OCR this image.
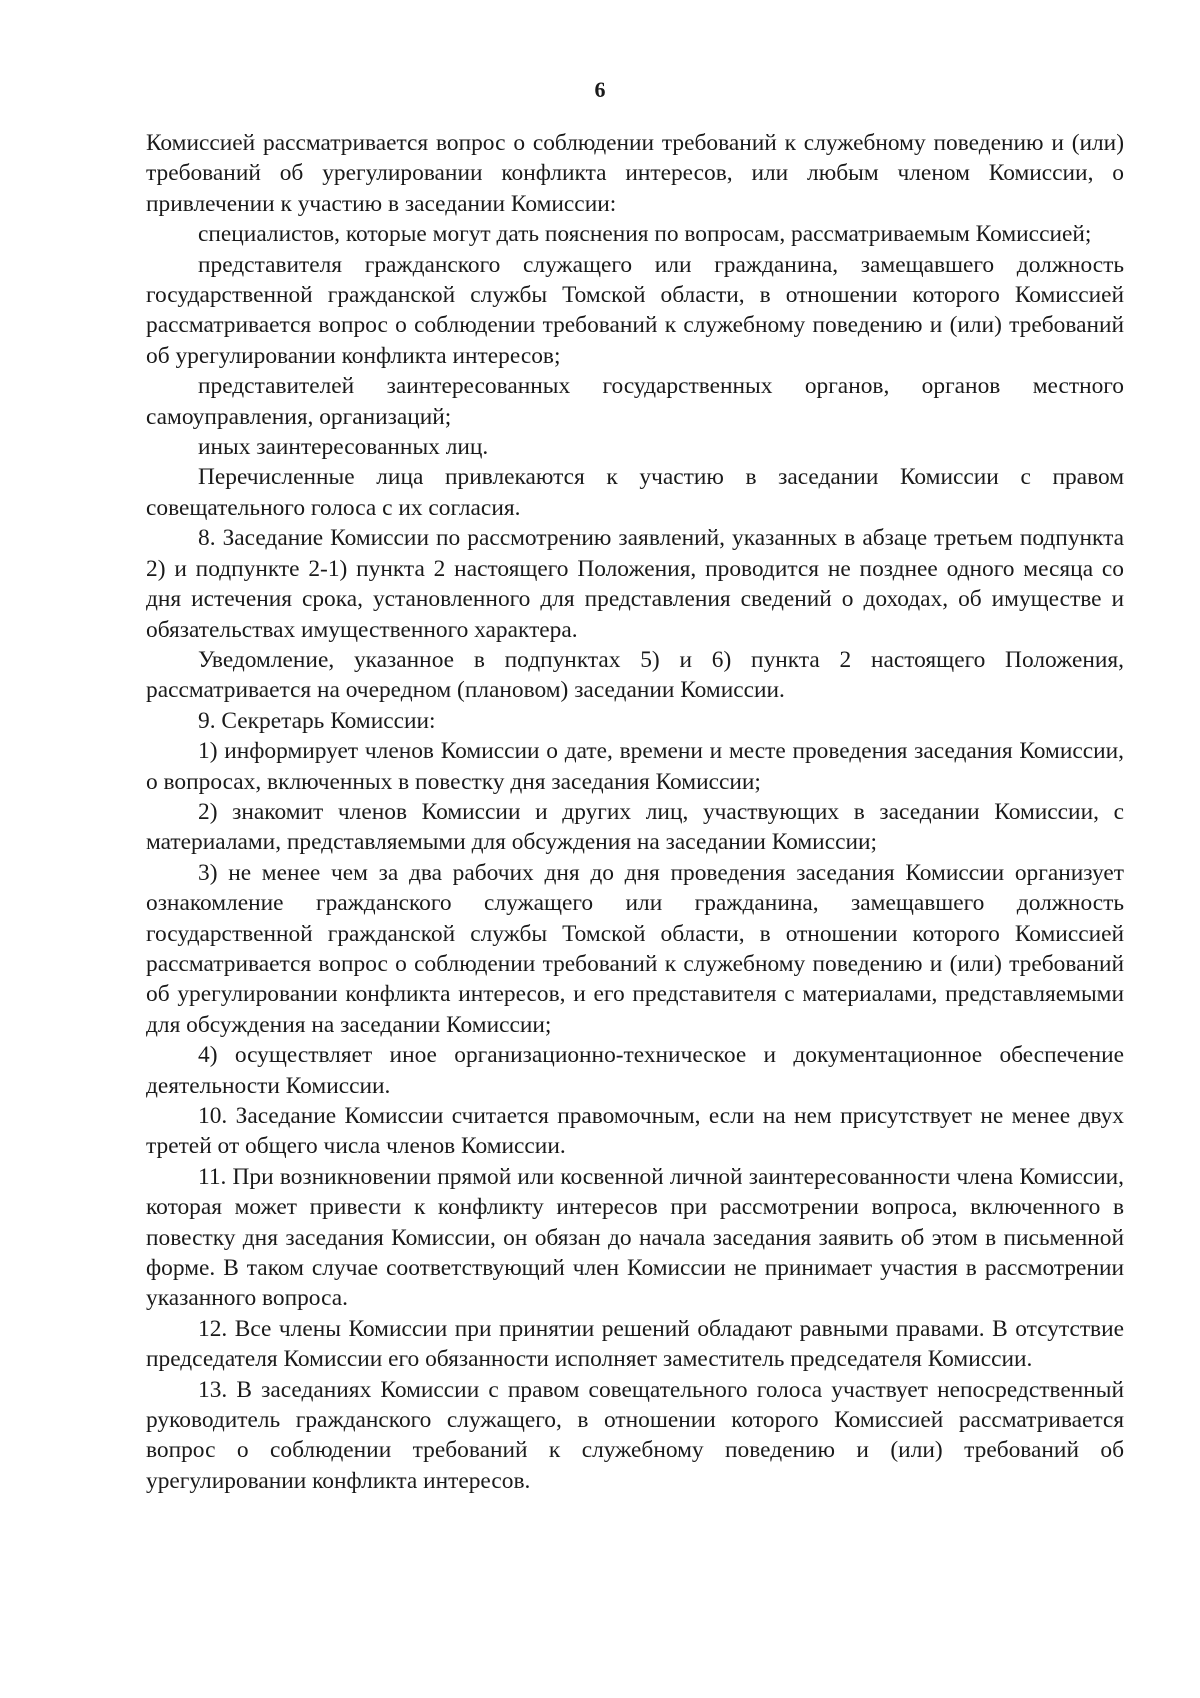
6

Комиссией рассматривается вопрос о соблюдении требований к служебному поведению и (или) требований об урегулировании конфликта интересов, или любым членом Комиссии, о привлечении к участию в заседании Комиссии:

специалистов, которые могут дать пояснения по вопросам, рассматриваемым Комиссией;

представителя гражданского служащего или гражданина, замещавшего должность государственной гражданской службы Томской области, в отношении которого Комиссией рассматривается вопрос о соблюдении требований к служебному поведению и (или) требований об урегулировании конфликта интересов;

представителей заинтересованных государственных органов, органов местного самоуправления, организаций;

иных заинтересованных лиц.

Перечисленные лица привлекаются к участию в заседании Комиссии с правом совещательного голоса с их согласия.

8. Заседание Комиссии по рассмотрению заявлений, указанных в абзаце третьем подпункта 2) и подпункте 2-1) пункта 2 настоящего Положения, проводится не позднее одного месяца со дня истечения срока, установленного для представления сведений о доходах, об имуществе и обязательствах имущественного характера.

Уведомление, указанное в подпунктах 5) и 6) пункта 2 настоящего Положения, рассматривается на очередном (плановом) заседании Комиссии.

9. Секретарь Комиссии:

1) информирует членов Комиссии о дате, времени и месте проведения заседания Комиссии, о вопросах, включенных в повестку дня заседания Комиссии;

2) знакомит членов Комиссии и других лиц, участвующих в заседании Комиссии, с материалами, представляемыми для обсуждения на заседании Комиссии;

3) не менее чем за два рабочих дня до дня проведения заседания Комиссии организует ознакомление гражданского служащего или гражданина, замещавшего должность государственной гражданской службы Томской области, в отношении которого Комиссией рассматривается вопрос о соблюдении требований к служебному поведению и (или) требований об урегулировании конфликта интересов, и его представителя с материалами, представляемыми для обсуждения на заседании Комиссии;

4) осуществляет иное организационно-техническое и документационное обеспечение деятельности Комиссии.

10. Заседание Комиссии считается правомочным, если на нем присутствует не менее двух третей от общего числа членов Комиссии.

11. При возникновении прямой или косвенной личной заинтересованности члена Комиссии, которая может привести к конфликту интересов при рассмотрении вопроса, включенного в повестку дня заседания Комиссии, он обязан до начала заседания заявить об этом в письменной форме. В таком случае соответствующий член Комиссии не принимает участия в рассмотрении указанного вопроса.

12. Все члены Комиссии при принятии решений обладают равными правами. В отсутствие председателя Комиссии его обязанности исполняет заместитель председателя Комиссии.

13. В заседаниях Комиссии с правом совещательного голоса участвует непосредственный руководитель гражданского служащего, в отношении которого Комиссией рассматривается вопрос о соблюдении требований к служебному поведению и (или) требований об урегулировании конфликта интересов.
